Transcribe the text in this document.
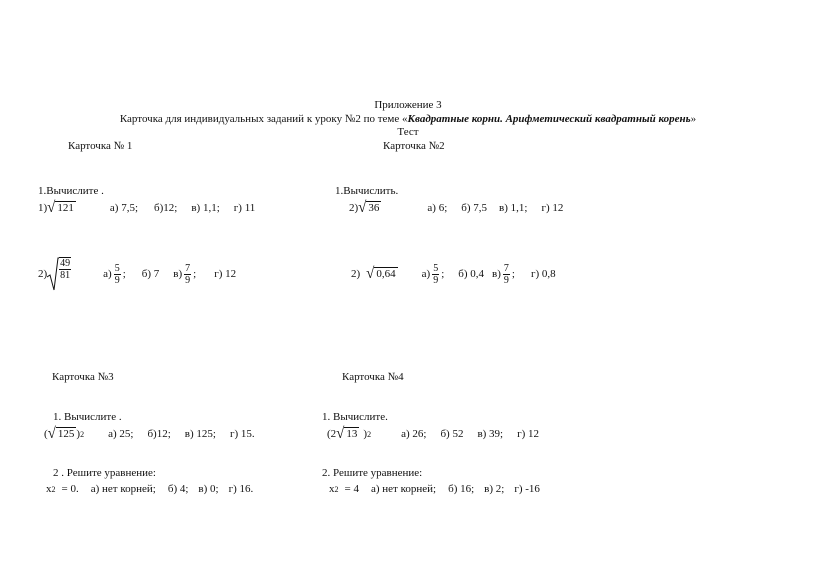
Приложение 3
Карточка для индивидуальных заданий к уроку №2 по теме «Квадратные корни. Арифметический квадратный корень»
Тест
Карточка № 1
1.Вычислите .
1) √ 121	а) 7,5; б)12; в) 1,1; г) 11
$2) \frac{49}{81}$	$а) \frac{5}{9}$ ; б) 7 $в) \frac{7}{9}$ ; г) 12
Карточка №2
1.Вычислить.
2) √ 36	а) 6; б) 7,5 в) 1,1; г) 12
2) √ 0,64 $а) \frac{5}{9}$ ; б) 0,4 $в) \frac{7}{9}$ ; г) 0,8
Карточка №3
1. Вычислите .
( √ 125 ) 2 а) 25; б)12; в) 125; г) 15.
2 . Решите уравнение:
x 2 = 0. а) нет корней; б) 4; в) 0; г) 16.
Карточка №4
1. Вычислите.
(2 √ 13 ) 2	а) 26; б) 52 в) 39; г) 12
2. Решите уравнение:
x 2 = 4 а) нет корней; б) 16; в) 2; г) -16
